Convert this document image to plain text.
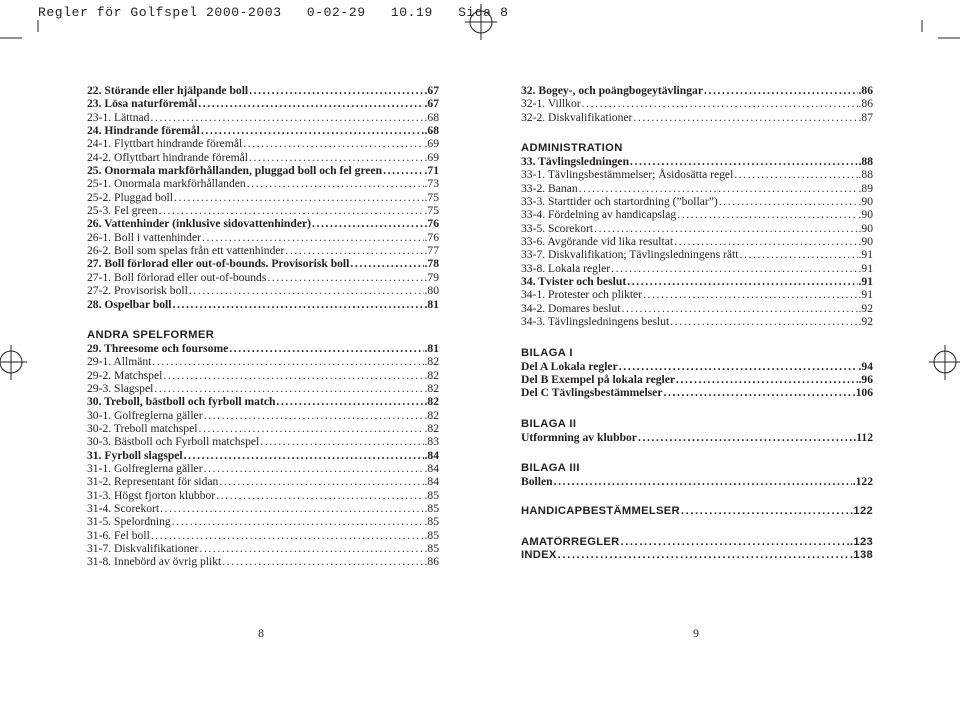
Regler för Golfspel 2000-2003   0-02-29   10.19   Sida 8
22. Störande eller hjälpande boll .....	.67
23. Lösa naturföremål .....	.67
23-1. Lättnad .....	.68
24. Hindrande föremål .....	.68
24-1. Flyttbart hindrande föremål .....	.69
24-2. Oflyttbart hindrande föremål .....	.69
25. Onormala markförhållanden, pluggad boll och fel green .....	.71
25-1. Onormala markförhållanden .....	.73
25-2. Pluggad boll .....	.75
25-3. Fel green .....	.75
26. Vattenhinder (inklusive sidovattenhinder) .....	.76
26-1. Boll i vattenhinder .....	.76
26-2. Boll som spelas från ett vattenhinder .....	.77
27. Boll förlorad eller out-of-bounds. Provisorisk boll .....	.78
27-1. Boll förlorad eller out-of-bounds .....	.79
27-2. Provisorisk boll .....	.80
28. Ospelbar boll .....	.81
ANDRA SPELFORMER
29. Threesome och foursome .....	.81
29-1. Allmänt .....	.82
29-2. Matchspel .....	.82
29-3. Slagspel .....	.82
30. Treboll, bästboll och fyrboll match .....	.82
30-1. Golfreglerna gäller .....	.82
30-2. Treboll matchspel .....	.82
30-3. Bästboll och Fyrboll matchspel .....	.83
31. Fyrboll slagspel .....	.84
31-1. Golfreglerna gäller .....	.84
31-2. Representant för sidan .....	.84
31-3. Högst fjorton klubbor .....	.85
31-4. Scorekort .....	.85
31-5. Spelordning .....	.85
31-6. Fel boll .....	.85
31-7. Diskvalifikationer .....	.85
31-8. Innebörd av övrig plikt .....	.86
32. Bogey-, och poängbogeytävlingar .....	.86
32-1. Villkor .....	.86
32-2. Diskvalifikationer .....	.87
ADMINISTRATION
33. Tävlingsledningen .....	.88
33-1. Tävlingsbestämmelser; Åsidosätta regel .....	.88
33-2. Banan .....	.89
33-3. Starttider och startordning (”bollar”) .....	.90
33-4. Fördelning av handicapslag .....	.90
33-5. Scorekort .....	.90
33-6. Avgörande vid lika resultat .....	.90
33-7. Diskvalifikation; Tävlingsledningens rätt .....	.91
33-8. Lokala regler .....	.91
34. Tvister och beslut .....	.91
34-1. Protester och plikter .....	.91
34-2. Domares beslut .....	.92
34-3. Tävlingsledningens beslut .....	.92
BILAGA I
Del A Lokala regler .....	.94
Del B Exempel på lokala regler .....	.96
Del C Tävlingsbestämmelser .....	.106
BILAGA II
Utformning av klubbor .....	.112
BILAGA III
Bollen .....	.122
HANDICAPBESTÄMMELSER .....	.122
AMATÖRREGLER .....	.123
INDEX .....	.138
8	9
